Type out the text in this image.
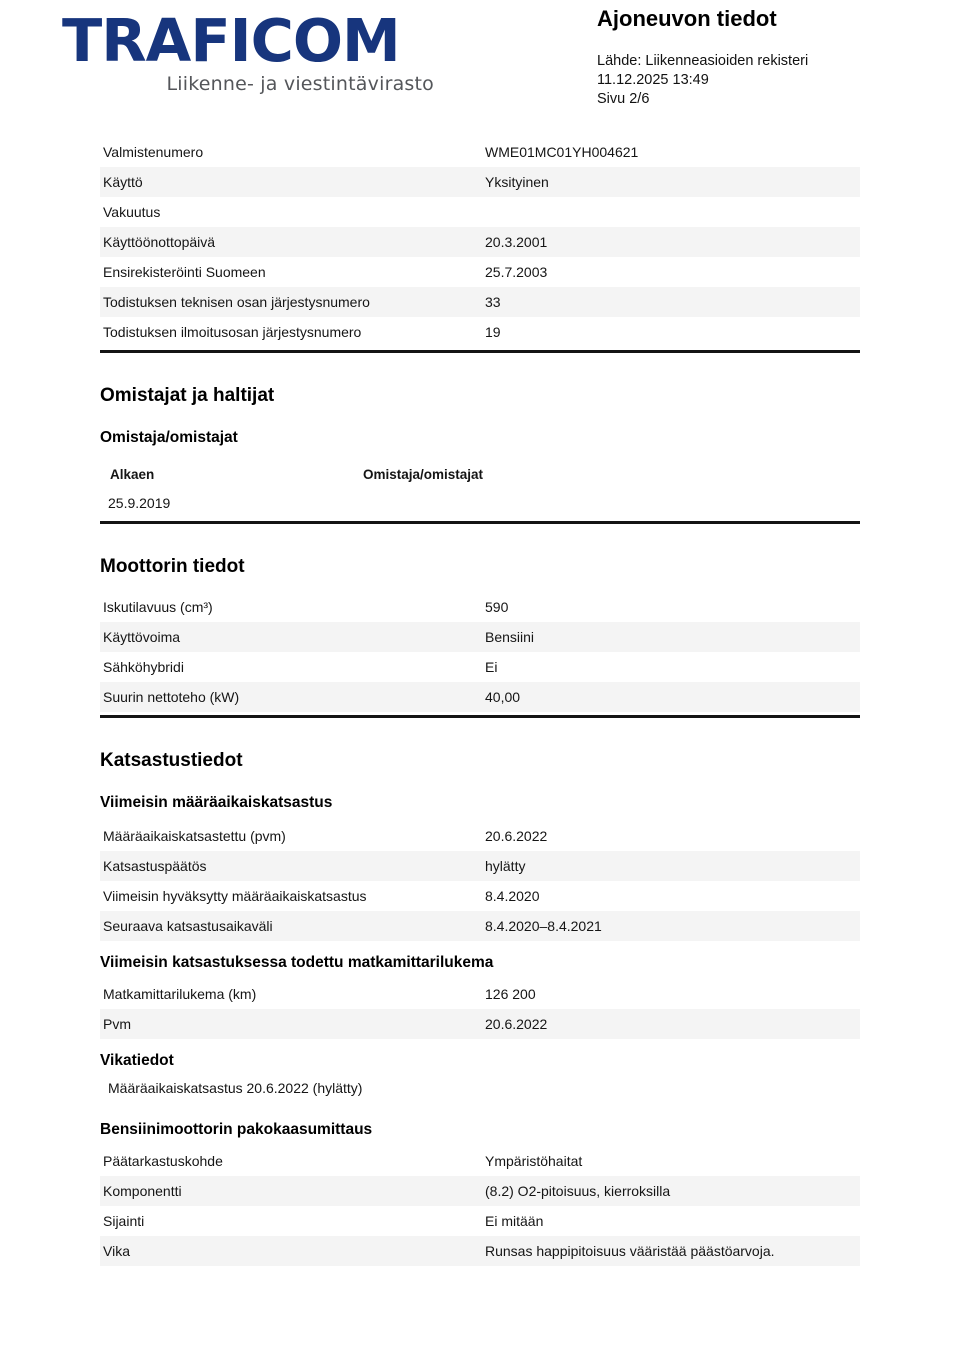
TRAFICOM
Liikenne- ja viestintävirasto
Ajoneuvon tiedot
Lähde: Liikenneasioiden rekisteri
11.12.2025 13:49
Sivu 2/6
Valmistenumero	WME01MC01YH004621
Käyttö	Yksityinen
Vakuutus
Käyttöönottopäivä	20.3.2001
Ensirekisteröinti Suomeen	25.7.2003
Todistuksen teknisen osan järjestysnumero	33
Todistuksen ilmoitusosan järjestysnumero	19
Omistajat ja haltijat
Omistaja/omistajat
Alkaen	Omistaja/omistajat
25.9.2019
Moottorin tiedot
Iskutilavuus (cm³)	590
Käyttövoima	Bensiini
Sähköhybridi	Ei
Suurin nettoteho (kW)	40,00
Katsastustiedot
Viimeisin määräaikaiskatsastus
Määräaikaiskatsastettu (pvm)	20.6.2022
Katsastuspäätös	hylätty
Viimeisin hyväksytty määräaikaiskatsastus	8.4.2020
Seuraava katsastusaikaväli	8.4.2020–8.4.2021
Viimeisin katsastuksessa todettu matkamittarilukema
Matkamittarilukema (km)	126 200
Pvm	20.6.2022
Vikatiedot
Määräaikaiskatsastus 20.6.2022 (hylätty)
Bensiinimoottorin pakokaasumittaus
Päätarkastuskohde	Ympäristöhaitat
Komponentti	(8.2) O2-pitoisuus, kierroksilla
Sijainti	Ei mitään
Vika	Runsas happipitoisuus vääristää päästöarvoja.
